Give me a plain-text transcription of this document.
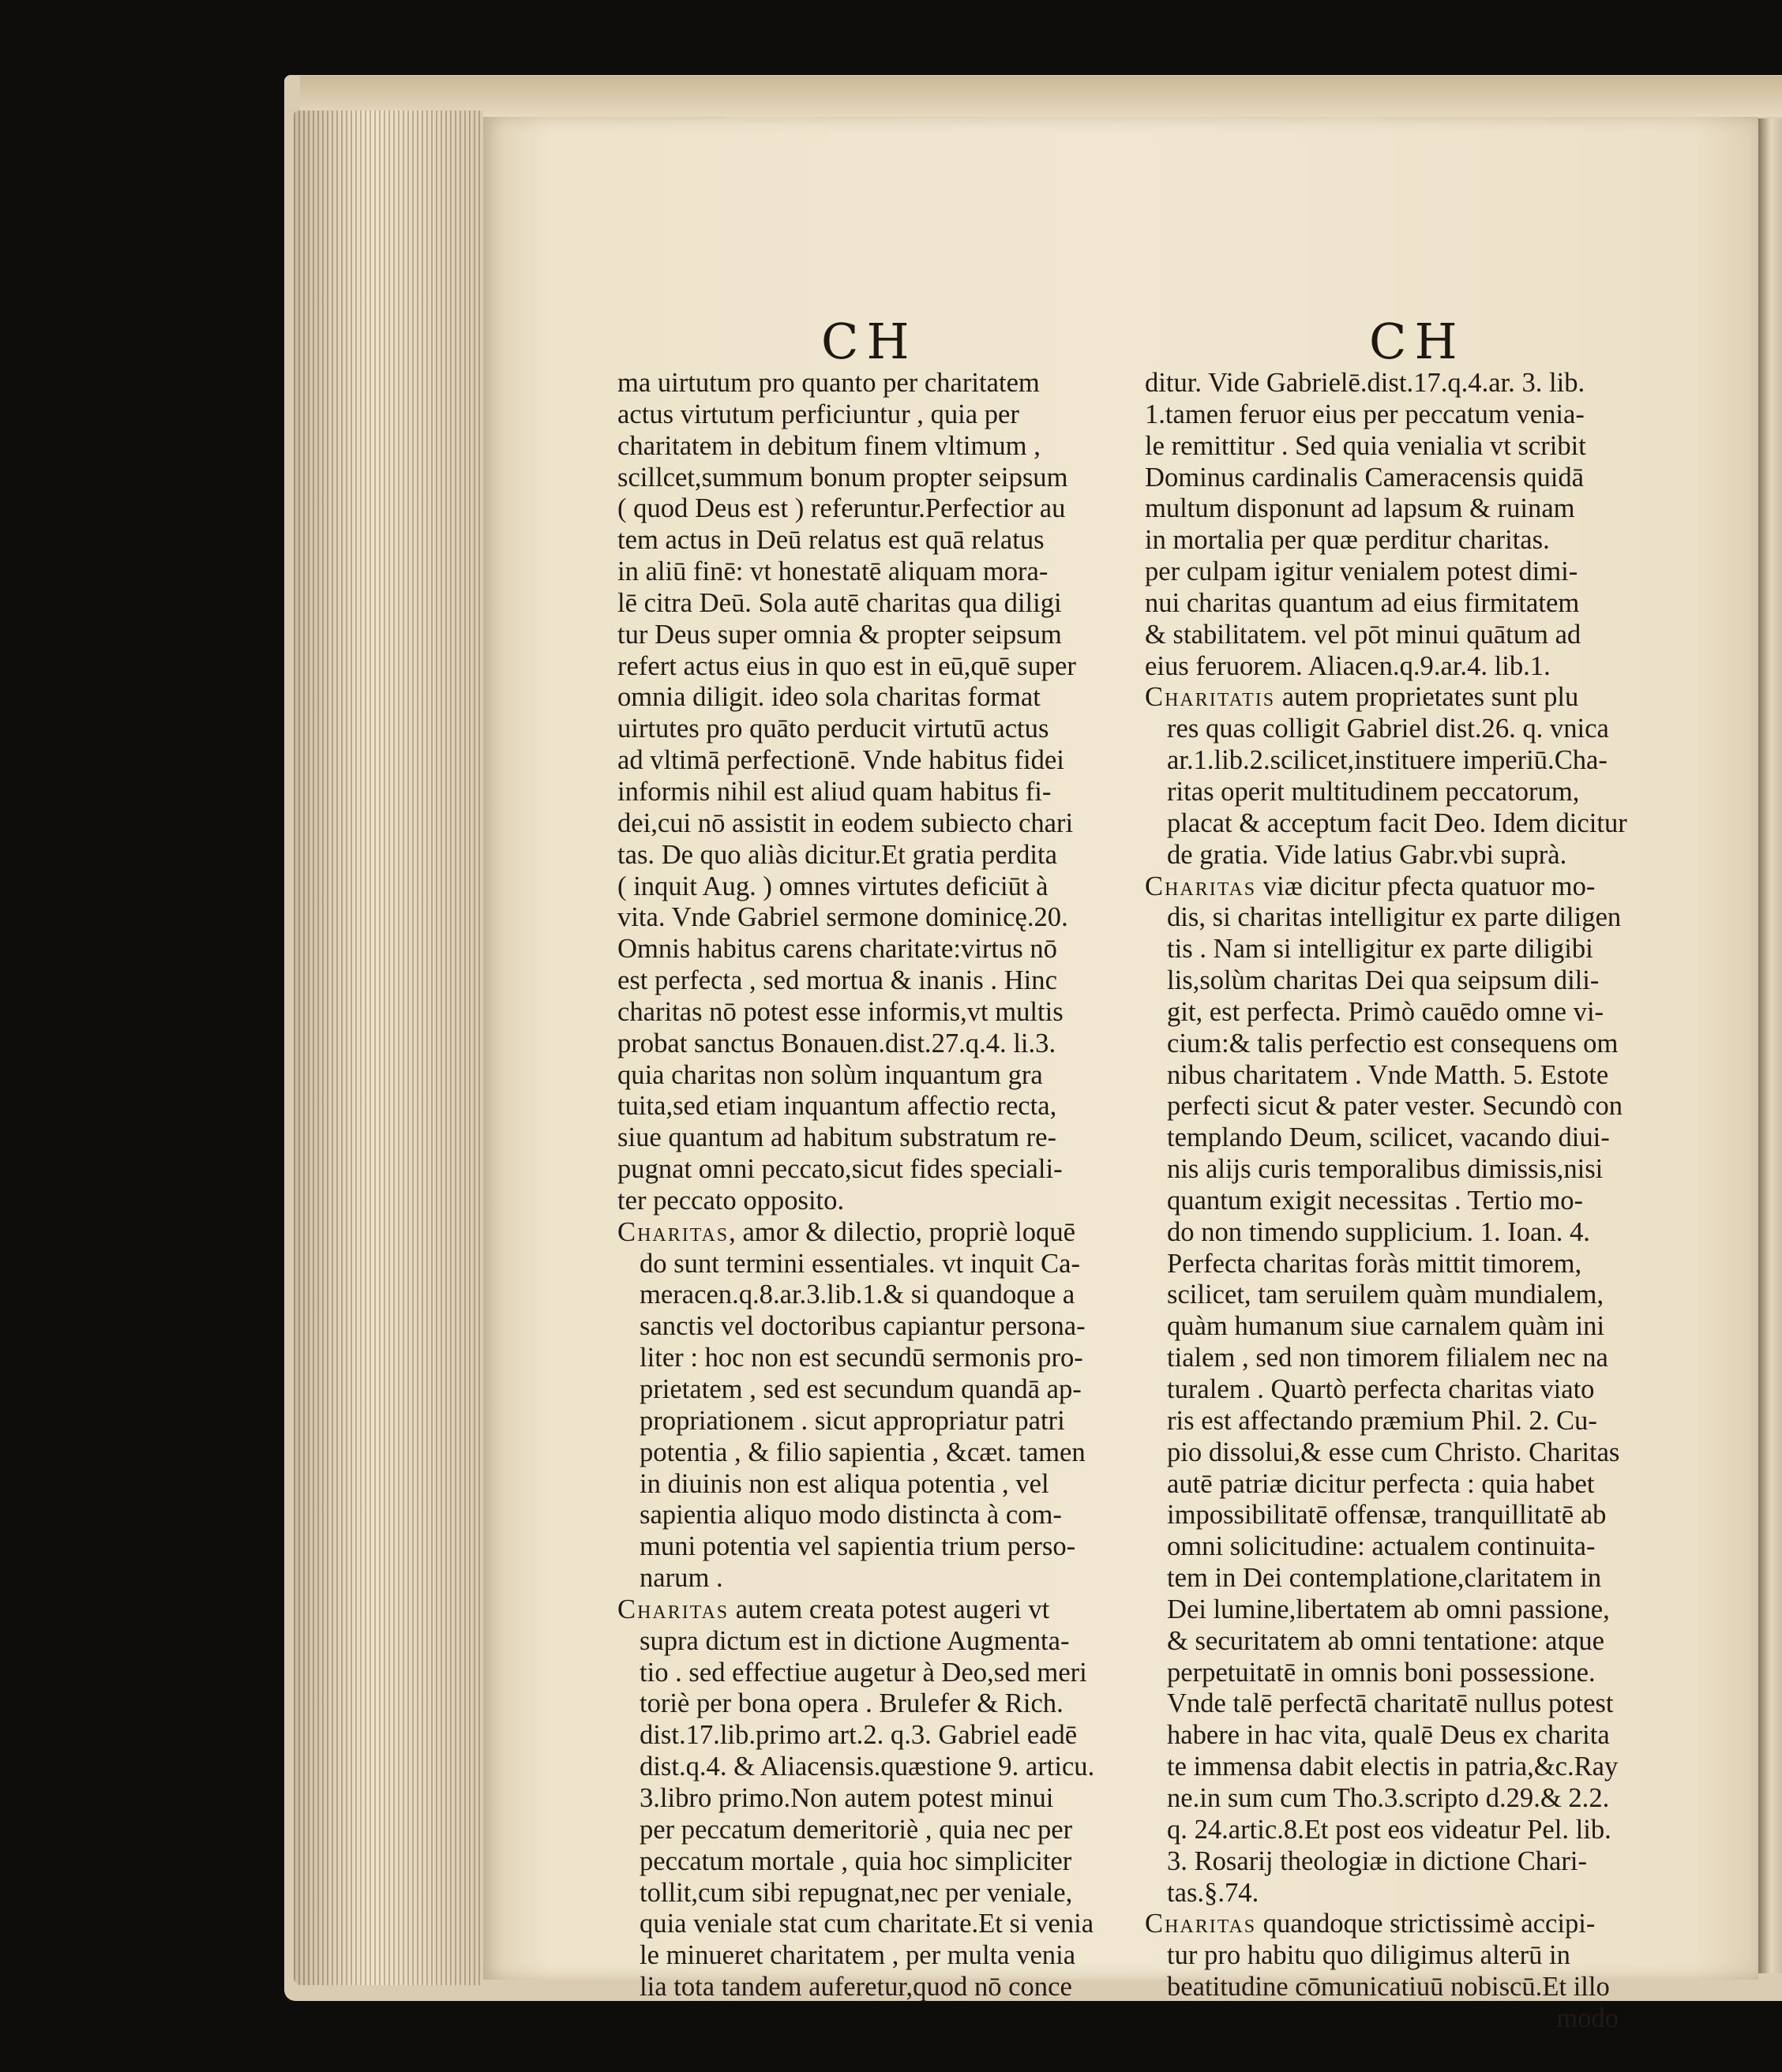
CH	CH
ma uirtutum pro quanto per charitatem
actus virtutum perficiuntur , quia per
charitatem in debitum finem vltimum ,
scillcet,summum bonum propter seipsum
( quod Deus est ) referuntur.Perfectior au
tem actus in Deū relatus est quā relatus
in aliū finē: vt honestatē aliquam mora-
lē citra Deū. Sola autē charitas qua diligi
tur Deus super omnia & propter seipsum
refert actus eius in quo est in eū,quē super
omnia diligit. ideo sola charitas format
uirtutes pro quāto perducit virtutū actus
ad vltimā perfectionē. Vnde habitus fidei
informis nihil est aliud quam habitus fi-
dei,cui nō assistit in eodem subiecto chari
tas. De quo aliàs dicitur.Et gratia perdita
( inquit Aug. ) omnes virtutes deficiūt à
vita. Vnde Gabriel sermone dominicę.20.
Omnis habitus carens charitate:virtus nō
est perfecta , sed mortua & inanis . Hinc
charitas nō potest esse informis,vt multis
probat sanctus Bonauen.dist.27.q.4. li.3.
quia charitas non solùm inquantum gra
tuita,sed etiam inquantum affectio recta,
siue quantum ad habitum substratum re-
pugnat omni peccato,sicut fides speciali-
ter peccato opposito.
Charitas, amor & dilectio, propriè loquē
do sunt termini essentiales. vt inquit Ca-
meracen.q.8.ar.3.lib.1.& si quandoque a
sanctis vel doctoribus capiantur persona-
liter : hoc non est secundū sermonis pro-
prietatem , sed est secundum quandā ap-
propriationem . sicut appropriatur patri
potentia , & filio sapientia , &cæt. tamen
in diuinis non est aliqua potentia , vel
sapientia aliquo modo distincta à com-
muni potentia vel sapientia trium perso-
narum .
Charitas autem creata potest augeri vt
supra dictum est in dictione Augmenta-
tio . sed effectiue augetur à Deo,sed meri
toriè per bona opera . Brulefer & Rich.
dist.17.lib.primo art.2. q.3. Gabriel eadē
dist.q.4. & Aliacensis.quæstione 9. articu.
3.libro primo.Non autem potest minui
per peccatum demeritoriè , quia nec per
peccatum mortale , quia hoc simpliciter
tollit,cum sibi repugnat,nec per veniale,
quia veniale stat cum charitate.Et si venia
le minueret charitatem , per multa venia
lia tota tandem auferetur,quod nō conce
ditur. Vide Gabrielē.dist.17.q.4.ar. 3. lib.
1.tamen feruor eius per peccatum venia-
le remittitur . Sed quia venialia vt scribit
Dominus cardinalis Cameracensis quidā
multum disponunt ad lapsum & ruinam
in mortalia per quæ perditur charitas.
per culpam igitur venialem potest dimi-
nui charitas quantum ad eius firmitatem
& stabilitatem. vel pōt minui quātum ad
eius feruorem. Aliacen.q.9.ar.4. lib.1.
Charitatis autem proprietates sunt plu
res quas colligit Gabriel dist.26. q. vnica
ar.1.lib.2.scilicet,instituere imperiū.Cha-
ritas operit multitudinem peccatorum,
placat & acceptum facit Deo. Idem dicitur
de gratia. Vide latius Gabr.vbi suprà.
Charitas viæ dicitur pfecta quatuor mo-
dis, si charitas intelligitur ex parte diligen
tis . Nam si intelligitur ex parte diligibi
lis,solùm charitas Dei qua seipsum dili-
git, est perfecta. Primò cauēdo omne vi-
cium:& talis perfectio est consequens om
nibus charitatem . Vnde Matth. 5. Estote
perfecti sicut & pater vester. Secundò con
templando Deum, scilicet, vacando diui-
nis alijs curis temporalibus dimissis,nisi
quantum exigit necessitas . Tertio mo-
do non timendo supplicium. 1. Ioan. 4.
Perfecta charitas foràs mittit timorem,
scilicet, tam seruilem quàm mundialem,
quàm humanum siue carnalem quàm ini
tialem , sed non timorem filialem nec na
turalem . Quartò perfecta charitas viato
ris est affectando præmium Phil. 2. Cu-
pio dissolui,& esse cum Christo. Charitas
autē patriæ dicitur perfecta : quia habet
impossibilitatē offensæ, tranquillitatē ab
omni solicitudine: actualem continuita-
tem in Dei contemplatione,claritatem in
Dei lumine,libertatem ab omni passione,
& securitatem ab omni tentatione: atque
perpetuitatē in omnis boni possessione.
Vnde talē perfectā charitatē nullus potest
habere in hac vita, qualē Deus ex charita
te immensa dabit electis in patria,&c.Ray
ne.in sum cum Tho.3.scripto d.29.& 2.2.
q. 24.artic.8.Et post eos videatur Pel. lib.
3. Rosarij theologiæ in dictione Chari-
tas.§.74.
Charitas quandoque strictissimè accipi-
tur pro habitu quo diligimus alterū in
beatitudine cōmunicatiuū nobiscū.Et illo
modo
